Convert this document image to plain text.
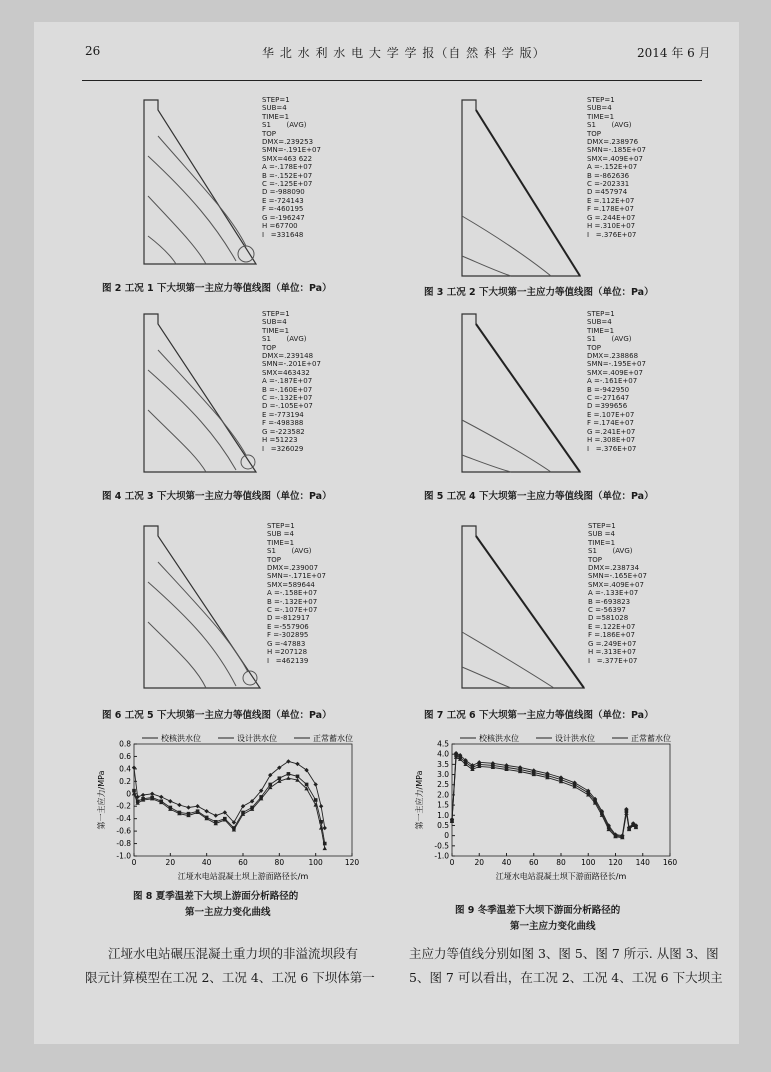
26	华 北 水 利 水 电 大 学 学 报（自 然 科 学 版）	2014 年 6 月
STEP=1
SUB=4
TIME=1
S1       (AVG)
TOP
DMX=.239253
SMN=-.191E+07
SMX=463 622
A =-.178E+07
B =-.152E+07
C =-.125E+07
D =-988090
E =-724143
F =-460195
G =-196247
H =67700
I   =331648
图 2 工况 1 下大坝第一主应力等值线图（单位：Pa）
STEP=1
SUB=4
TIME=1
S1       (AVG)
TOP
DMX=.238976
SMN=-.185E+07
SMX=.409E+07
A =-.152E+07
B =-862636
C =-202331
D =457974
E =.112E+07
F =.178E+07
G =.244E+07
H =.310E+07
I   =.376E+07
图 3 工况 2 下大坝第一主应力等值线图（单位：Pa）
STEP=1
SUB=4
TIME=1
S1       (AVG)
TOP
DMX=.239148
SMN=-.201E+07
SMX=463432
A =-.187E+07
B =-.160E+07
C =-.132E+07
D =-.105E+07
E =-773194
F =-498388
G =-223582
H =51223
I   =326029
图 4 工况 3 下大坝第一主应力等值线图（单位：Pa）
STEP=1
SUB=4
TIME=1
S1       (AVG)
TOP
DMX=.238868
SMN=-.195E+07
SMX=.409E+07
A =-.161E+07
B =-942950
C =-271647
D =399656
E =.107E+07
F =.174E+07
G =.241E+07
H =.308E+07
I   =.376E+07
图 5 工况 4 下大坝第一主应力等值线图（单位：Pa）
STEP=1
SUB =4
TIME=1
S1       (AVG)
TOP
DMX=.239007
SMN=-.171E+07
SMX=589644
A =-.158E+07
B =-.132E+07
C =-.107E+07
D =-812917
E =-557906
F =-302895
G =-47883
H =207128
I   =462139
图 6 工况 5 下大坝第一主应力等值线图（单位：Pa）
STEP=1
SUB =4
TIME=1
S1       (AVG)
TOP
DMX=.238734
SMN=-.165E+07
SMX=.409E+07
A =-.133E+07
B =-693823
C =-56397
D =581028
E =.122E+07
F =.186E+07
G =.249E+07
H =.313E+07
I   =.377E+07
图 7 工况 6 下大坝第一主应力等值线图（单位：Pa）
0	20	40	60	80	100	120
0.8
0.6
0.4
0.2
0
-0.2
-0.4
-0.6
-0.8
-1.0
江垭水电站混凝土坝上游面路径长/m
第一主应力/MPa
校核洪水位	设计洪水位	正常蓄水位
0	20 40 60 80 100 120 140 160
4.5
4.0
3.5
3.0
2.5
2.0
1.5
1.0
0.5
0
-0.5
-1.0
江垭水电站混凝土坝下游面路径长/m
第一主应力/MPa
校核洪水位	设计洪水位	正常蓄水位
图 8 夏季温差下大坝上游面分析路径的
第一主应力变化曲线	图 9 冬季温差下大坝下游面分析路径的
第一主应力变化曲线
江垭水电站碾压混凝土重力坝的非溢流坝段有
限元计算模型在工况 2、工况 4、工况 6 下坝体第一
主应力等值线分别如图 3、图 5、图 7 所示. 从图 3、图
5、图 7 可以看出，在工况 2、工况 4、工况 6 下大坝主
